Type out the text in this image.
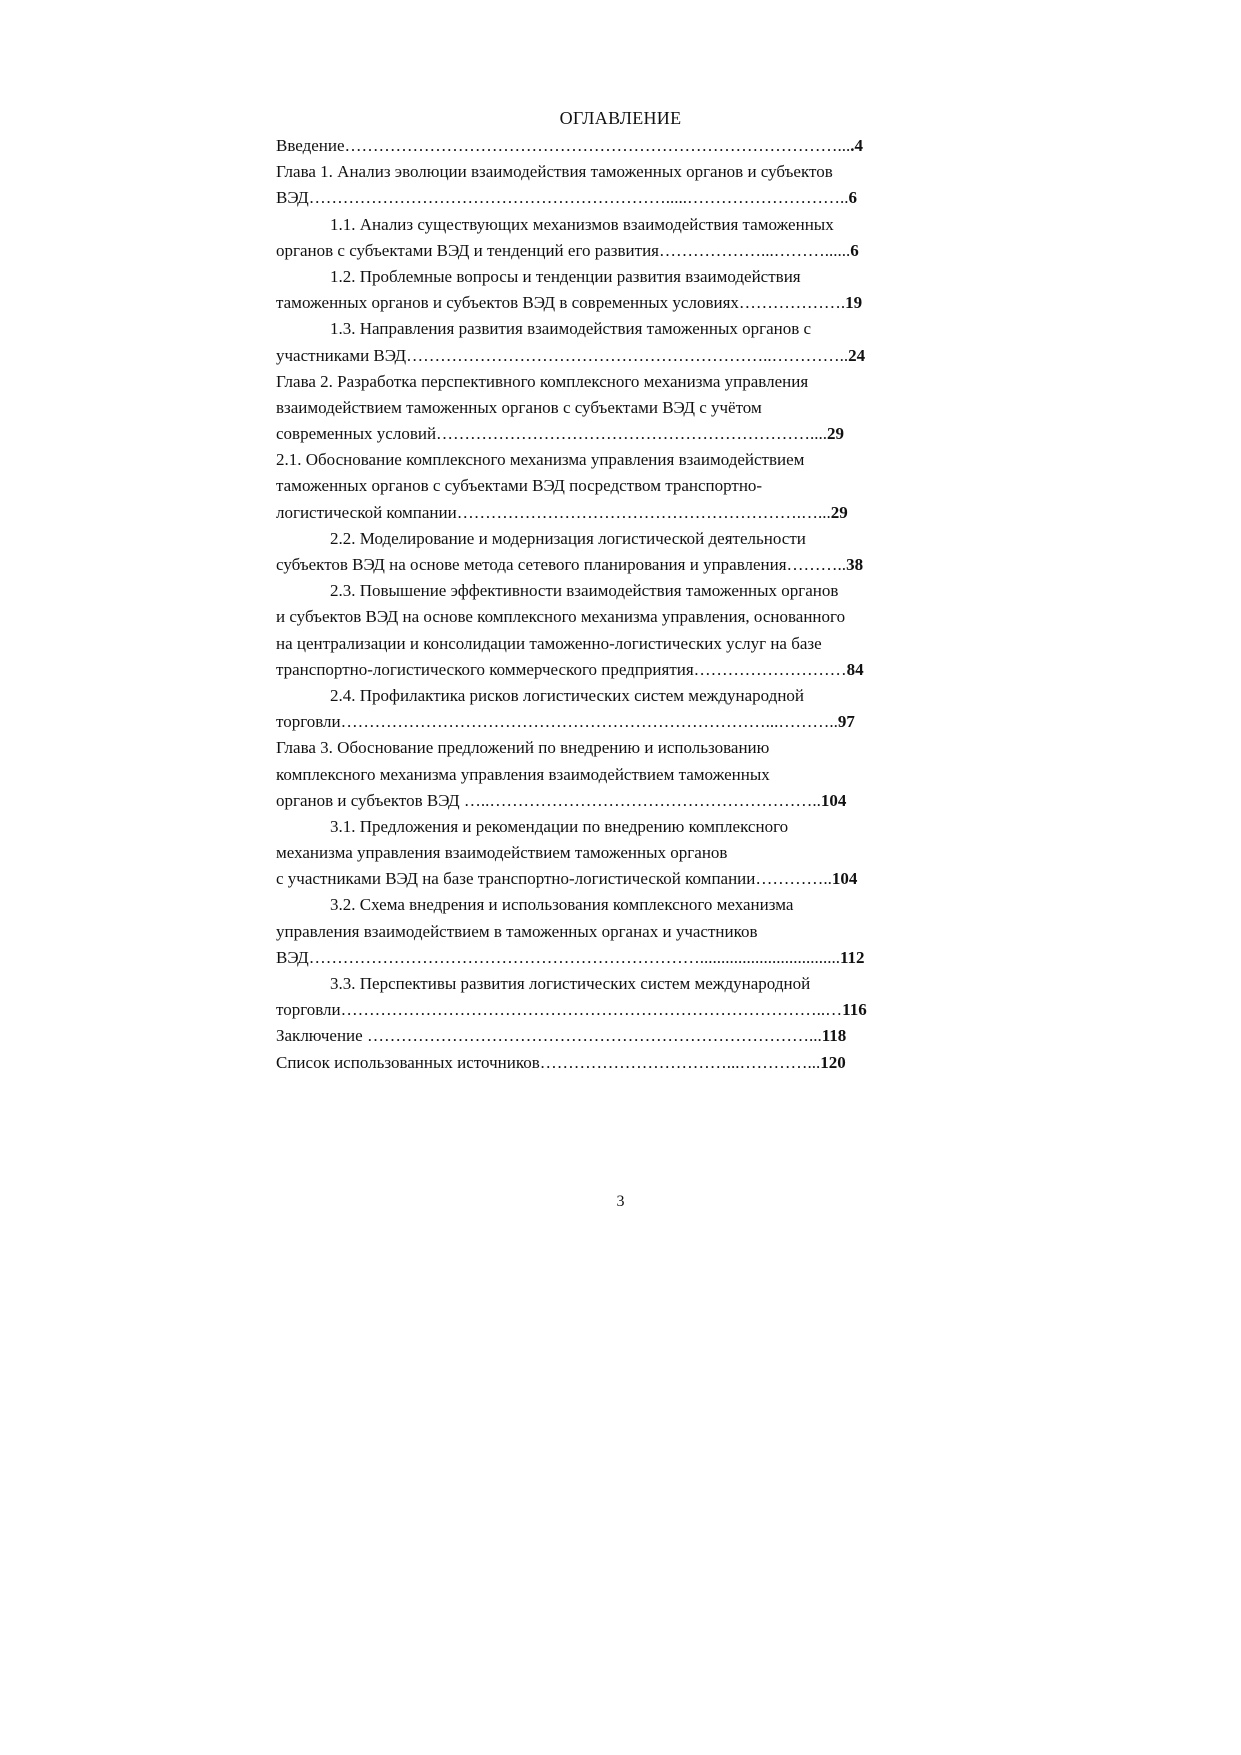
ОГЛАВЛЕНИЕ
Введение……………………………………………………………………………....4
Глава 1. Анализ эволюции взаимодействия таможенных органов и субъектов
ВЭД……………………………………………………….....………………………..6
1.1. Анализ существующих механизмов взаимодействия таможенных
органов с субъектами ВЭД и тенденций его развития………………...………......6
1.2. Проблемные вопросы и тенденции развития взаимодействия
таможенных органов и субъектов ВЭД в современных условиях……………….19
1.3. Направления развития взаимодействия таможенных органов с
участниками ВЭД………………………………………………………..…………..24
Глава 2. Разработка перспективного комплексного механизма управления
взаимодействием таможенных органов с субъектами ВЭД с учётом
современных условий…………………………………………………………....29
2.1. Обоснование комплексного механизма управления взаимодействием
таможенных органов с субъектами ВЭД посредством транспортно-
логистической компании…………………………………………………….…...29
2.2. Моделирование и модернизация логистической деятельности
субъектов ВЭД на основе метода сетевого планирования и управления………..38
2.3. Повышение эффективности взаимодействия таможенных органов
и субъектов ВЭД на основе комплексного механизма управления, основанного
на централизации и консолидации таможенно-логистических услуг на базе
транспортно-логистического коммерческого предприятия………………………84
2.4. Профилактика рисков логистических систем международной
торговли…………………………………………………………………...………..97
Глава 3. Обоснование предложений по внедрению и использованию
комплексного механизма управления взаимодействием таможенных
органов и субъектов ВЭД …..…………………………………………………..104
3.1. Предложения и рекомендации по внедрению комплексного
механизма управления взаимодействием таможенных органов
с участниками ВЭД на базе транспортно-логистической компании…………..104
3.2. Схема внедрения и использования комплексного механизма
управления взаимодействием в таможенных органах и участников
ВЭД…………………………………………………………….................................112
3.3. Перспективы развития логистических систем международной
торговли…………………………………………………………………………..…116
Заключение ……………………………………………………………………...118
Список использованных источников……………………………...…………...120
3
